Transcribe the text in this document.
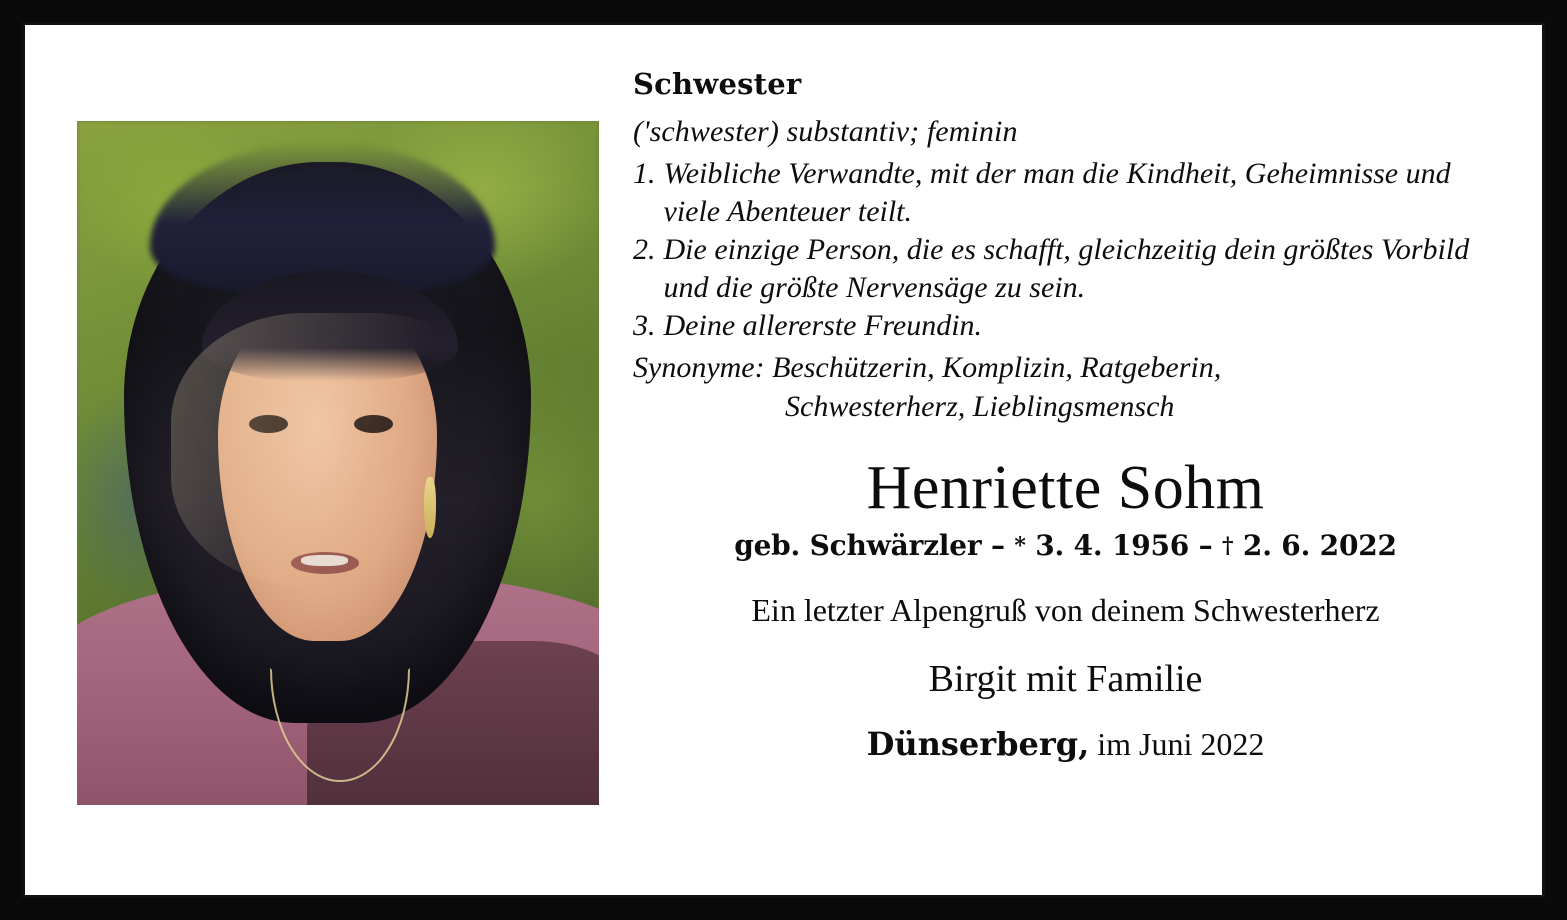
Schwester
('schwester) substantiv; feminin
1. Weibliche Verwandte, mit der man die Kindheit, Geheimnisse und viele Abenteuer teilt.
2. Die einzige Person, die es schafft, gleichzeitig dein größtes Vorbild und die größte Nervensäge zu sein.
3. Deine allererste Freundin.
Synonyme: Beschützerin, Komplizin, Ratgeberin,
Schwesterherz, Lieblingsmensch
Henriette Sohm
geb. Schwärzler – * 3. 4. 1956 – † 2. 6. 2022
Ein letzter Alpengruß von deinem Schwesterherz
Birgit mit Familie
Dünserberg, im Juni 2022
